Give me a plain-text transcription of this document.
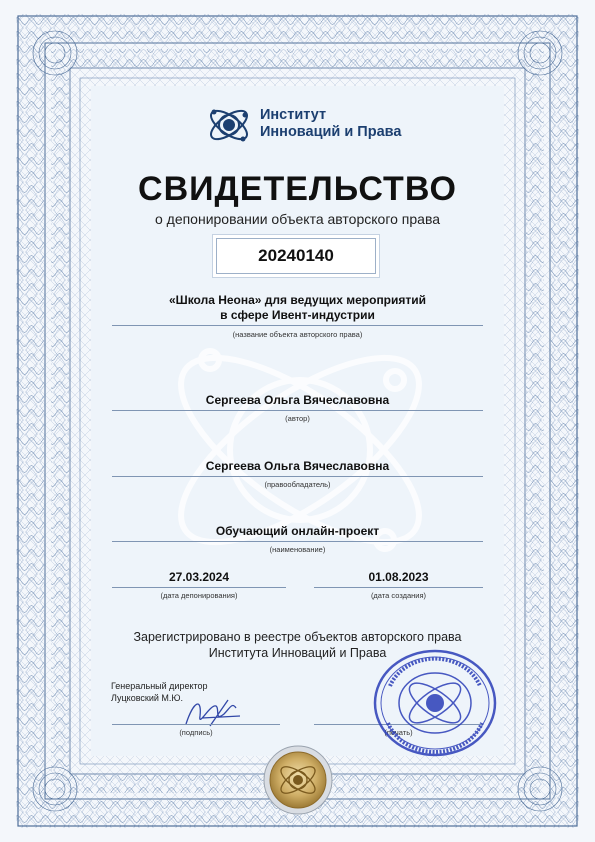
Институт
Инноваций и Права
СВИДЕТЕЛЬСТВО
о депонировании объекта авторского права
20240140
«Школа Неона» для ведущих мероприятий
в сфере Ивент-индустрии
(название объекта авторского права)
Сергеева Ольга Вячеславовна
(автор)
Сергеева Ольга Вячеславовна
(правообладатель)
Обучающий онлайн-проект
(наименование)
27.03.2024
(дата депонирования)
01.08.2023
(дата создания)
Зарегистрировано в реестре объектов авторского права
Института Инноваций и Права
Генеральный директор
Луцковский М.Ю.
(подпись)	(печать)
